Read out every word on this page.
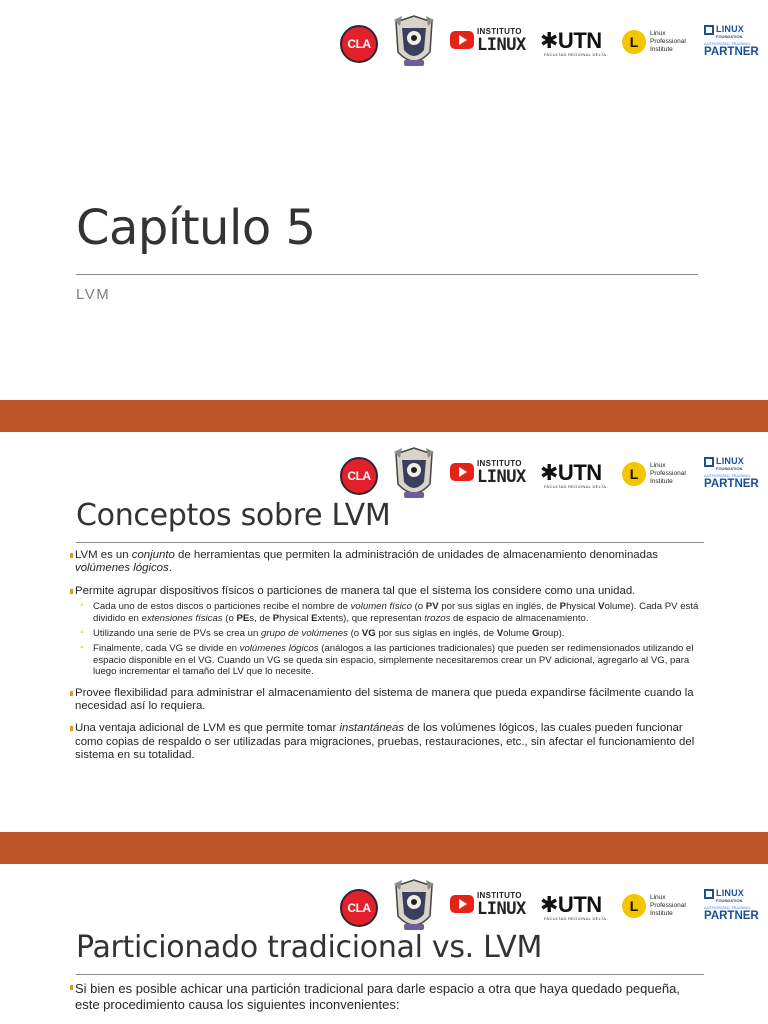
CLA
INSTITUTO
LINUX ✱UTN
FACULTAD REGIONAL DELTA
L
Linux
Professional
Institute
LINUX
FOUNDATION
AUTHORIZED TRAINING
PARTNER
Capítulo 5
LVM
CLA
INSTITUTO
LINUX ✱UTN
FACULTAD REGIONAL DELTA
L
Linux
Professional
Institute
LINUX
FOUNDATION
AUTHORIZED TRAINING
PARTNER
Conceptos sobre LVM

LVM es un conjunto de herramientas que permiten la administración de unidades de almacenamiento denominadas volúmenes lógicos.

Permite agrupar dispositivos físicos o particiones de manera tal que el sistema los considere como una unidad.

◦ Cada uno de estos discos o particiones recibe el nombre de volumen físico (o PV por sus siglas en inglés, de Physical Volume). Cada PV está dividido en extensiones físicas (o PEs, de Physical Extents), que representan trozos de espacio de almacenamiento.

◦ Utilizando una serie de PVs se crea un grupo de volúmenes (o VG por sus siglas en inglés, de Volume Group).

◦ Finalmente, cada VG se divide en volúmenes lógicos (análogos a las particiones tradicionales) que pueden ser redimensionados utilizando el espacio disponible en el VG. Cuando un VG se queda sin espacio, simplemente necesitaremos crear un PV adicional, agregarlo al VG, para luego incrementar el tamaño del LV que lo necesite.

Provee flexibilidad para administrar el almacenamiento del sistema de manera que pueda expandirse fácilmente cuando la necesidad así lo requiera.

Una ventaja adicional de LVM es que permite tomar instantáneas de los volúmenes lógicos, las cuales pueden funcionar como copias de respaldo o ser utilizadas para migraciones, pruebas, restauraciones, etc., sin afectar el funcionamiento del sistema en su totalidad.

CLA
INSTITUTO
LINUX ✱UTN
FACULTAD REGIONAL DELTA
L
Linux
Professional
Institute
LINUX
FOUNDATION
AUTHORIZED TRAINING
PARTNER
Particionado tradicional vs. LVM

Si bien es posible achicar una partición tradicional para darle espacio a otra que haya quedado pequeña, este procedimiento causa los siguientes inconvenientes:
